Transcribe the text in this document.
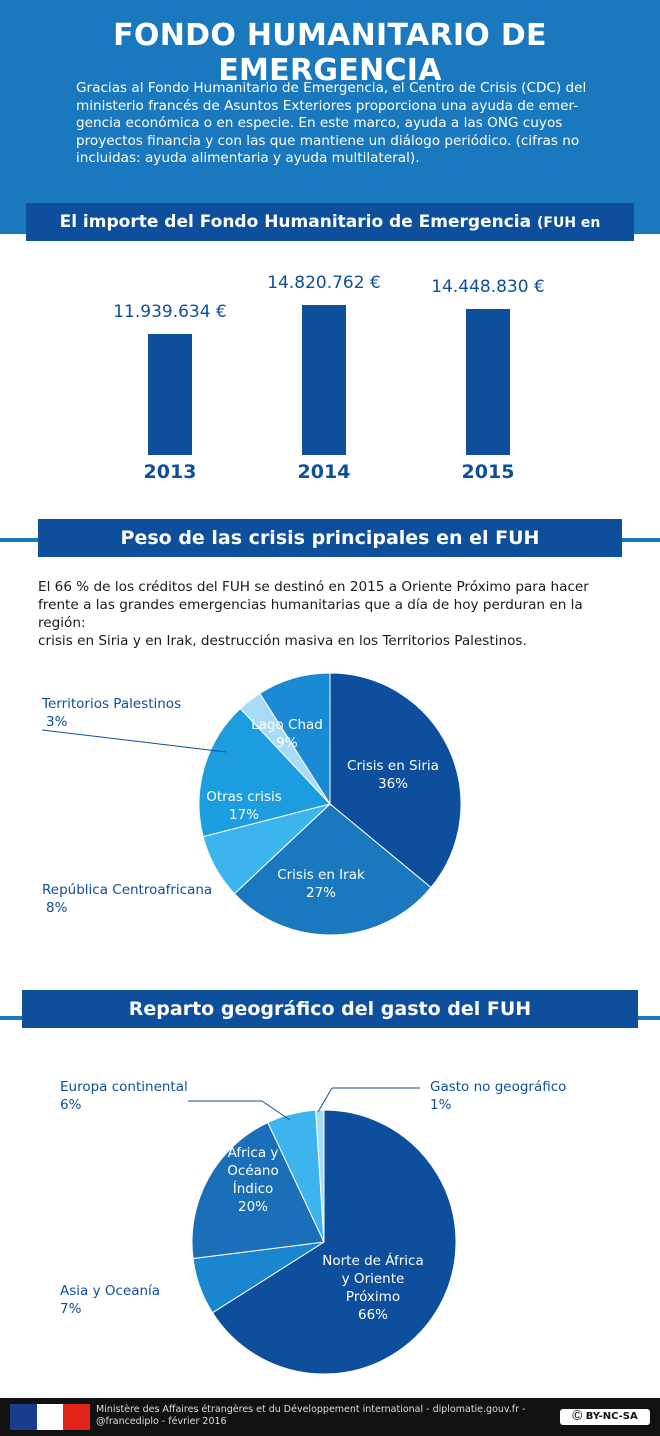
FONDO HUMANITARIO DE EMERGENCIA
Gracias al Fondo Humanitario de Emergencia, el Centro de Crisis (CDC) del
ministerio francés de Asuntos Exteriores proporciona una ayuda de emer-
gencia económica o en especie. En este marco, ayuda a las ONG cuyos
proyectos financia y con las que mantiene un diálogo periódico. (cifras no
incluidas: ayuda alimentaria y ayuda multilateral).
El importe del Fondo Humanitario de Emergencia (FUH en francés)
11.939.634 €
14.820.762 €	14.448.830 €
2013	2014	2015
Peso de las crisis principales en el FUH
El 66 % de los créditos del FUH se destinó en 2015 a Oriente Próximo para hacer
frente a las grandes emergencias humanitarias que a día de hoy perduran en la región:
crisis en Siria y en Irak, destrucción masiva en los Territorios Palestinos.
Crisis en Siria
36%
Crisis en Irak
27%
Otras crisis
17%
Lago Chad
9%
Territorios Palestinos
3%
República Centroafricana
8%
Reparto geográfico del gasto del FUH
Norte de África y Oriente Próximo
66%
África y Océano Índico
20%
Europa continental
6%
Gasto no geográfico
1%
Asia y Oceanía
7%
Ministère des Affaires étrangères et du Développement international - diplomatie.gouv.fr -
@francediplo - février 2016	Ⓒ BY-NC-SA
